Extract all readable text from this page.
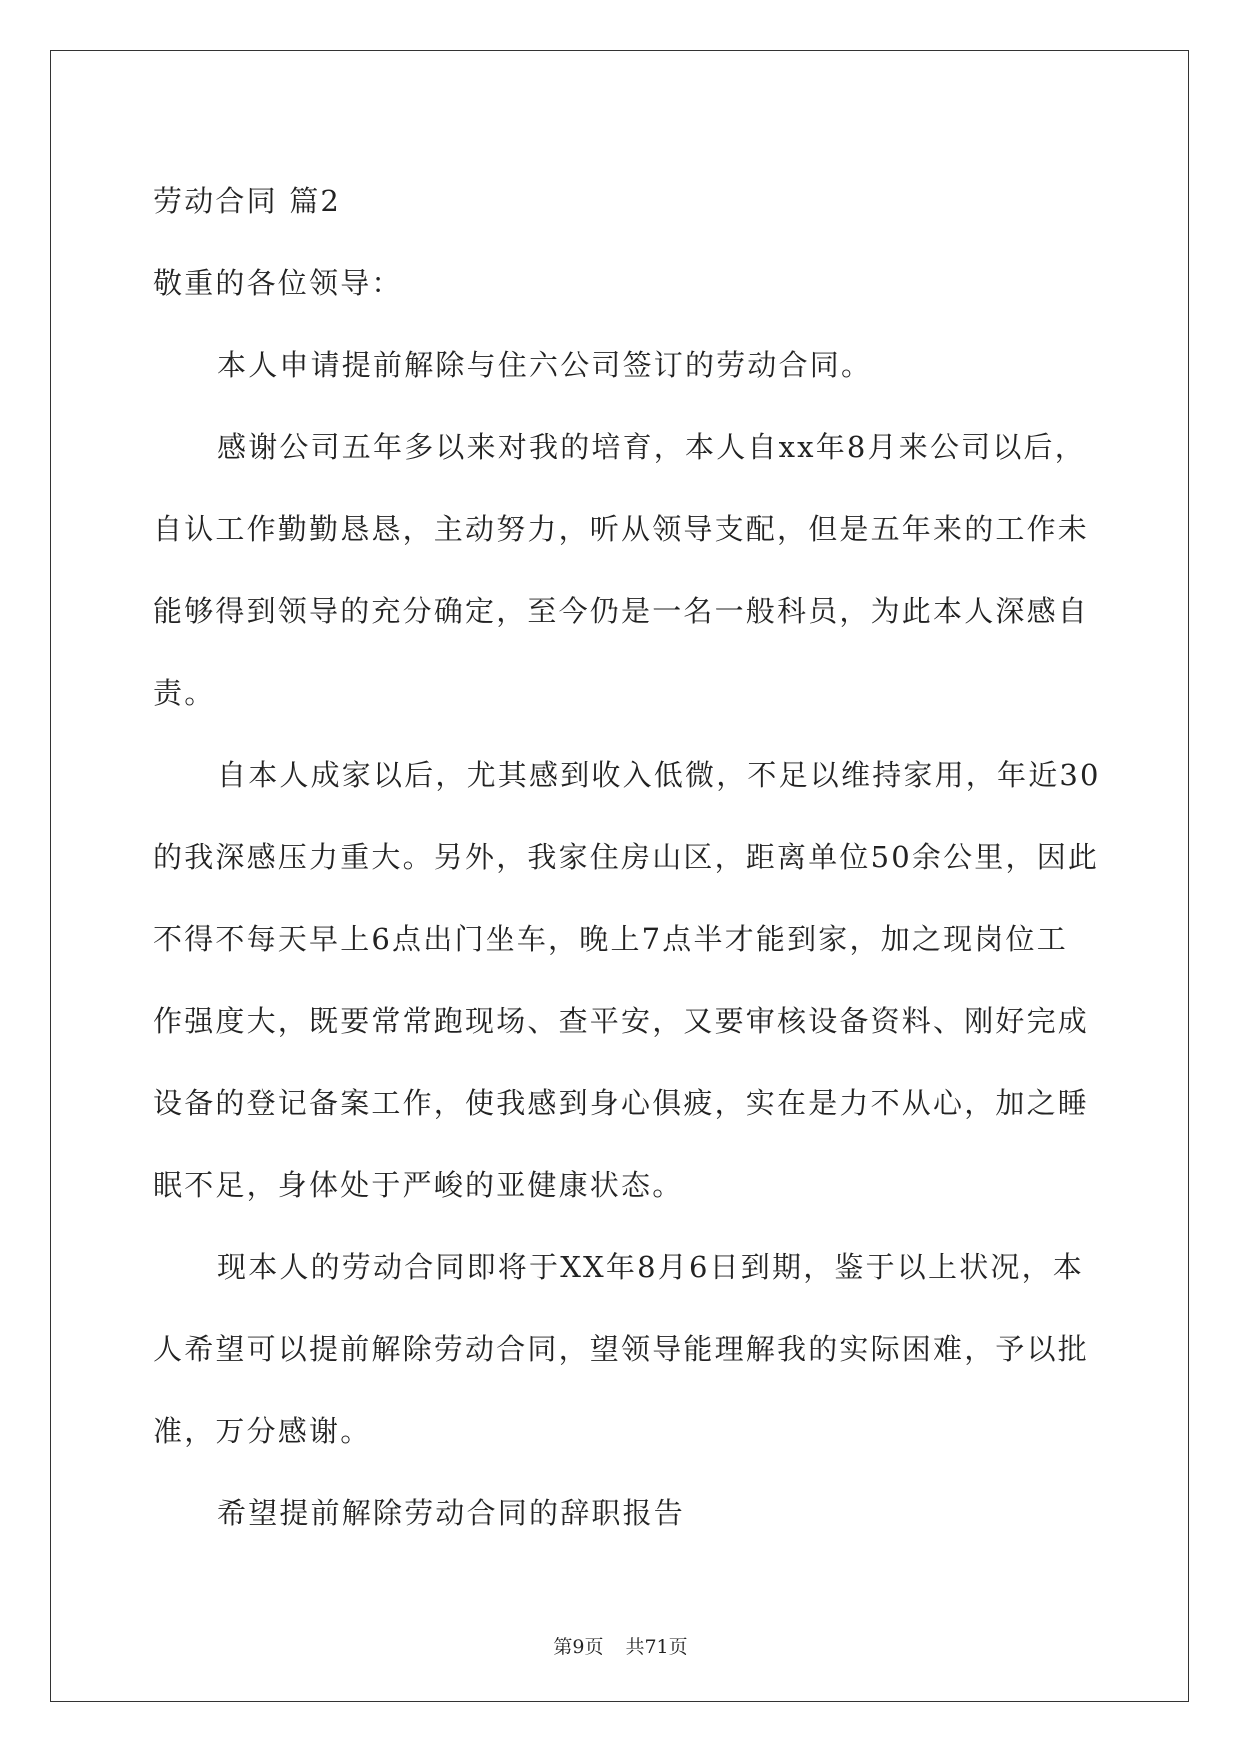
劳动合同 篇2
敬重的各位领导：
本人申请提前解除与住六公司签订的劳动合同。
感谢公司五年多以来对我的培育，本人自xx年8月来公司以后，
自认工作勤勤恳恳，主动努力，听从领导支配，但是五年来的工作未
能够得到领导的充分确定，至今仍是一名一般科员，为此本人深感自
责。
自本人成家以后，尤其感到收入低微，不足以维持家用，年近30
的我深感压力重大。另外，我家住房山区，距离单位50余公里，因此
不得不每天早上6点出门坐车，晚上7点半才能到家，加之现岗位工
作强度大，既要常常跑现场、查平安，又要审核设备资料、刚好完成
设备的登记备案工作，使我感到身心俱疲，实在是力不从心，加之睡
眠不足，身体处于严峻的亚健康状态。
现本人的劳动合同即将于XX年8月6日到期，鉴于以上状况，本
人希望可以提前解除劳动合同，望领导能理解我的实际困难，予以批
准，万分感谢。
希望提前解除劳动合同的辞职报告
第9页 共71页
